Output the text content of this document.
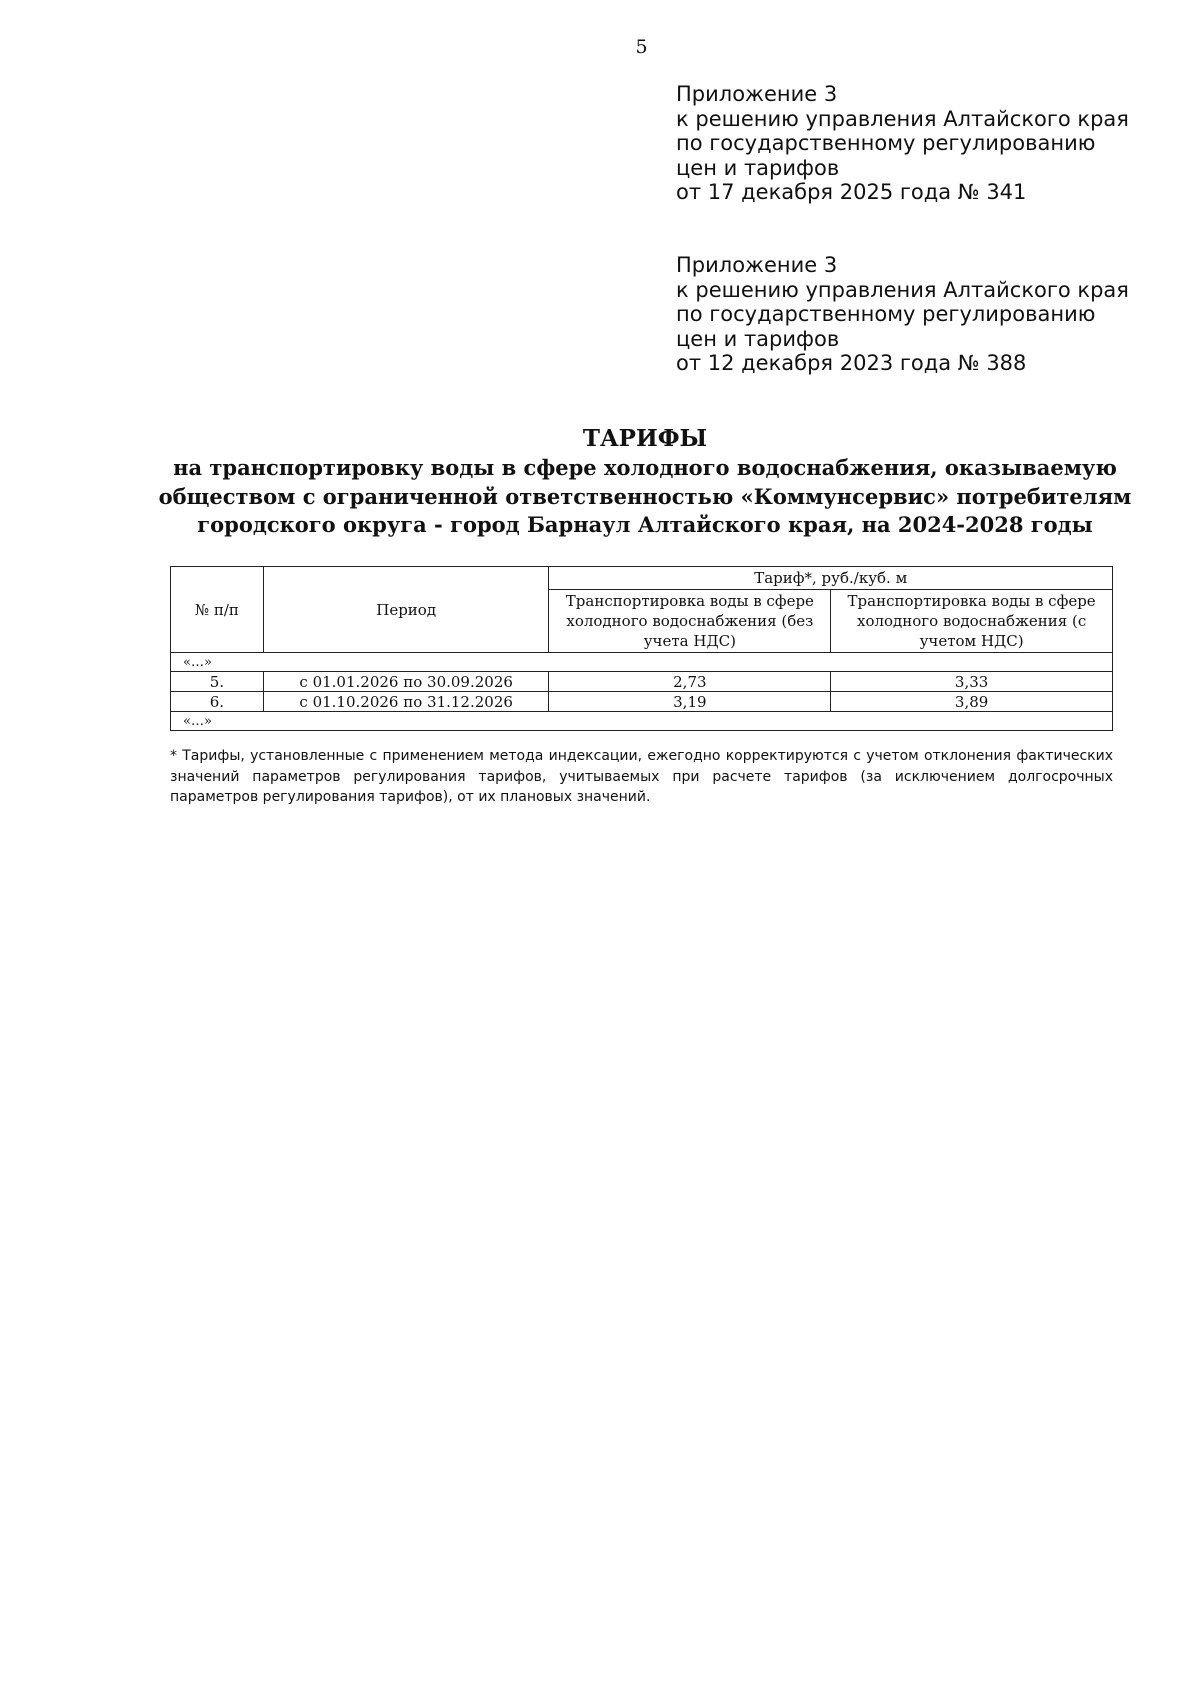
5
Приложение 3
к решению управления Алтайского края
по государственному регулированию
цен и тарифов
от 17 декабря 2025 года № 341
Приложение 3
к решению управления Алтайского края
по государственному регулированию
цен и тарифов
от 12 декабря 2023 года № 388
ТАРИФЫ
на транспортировку воды в сфере холодного водоснабжения, оказываемую
обществом с ограниченной ответственностью «Коммунсервис» потребителям
городского округа - город Барнаул Алтайского края, на 2024-2028 годы
№ п/п	Период	Тариф*, руб./куб. м	
		Транспортировка воды в сфере холодного водоснабжения (без учета НДС)	Транспортировка воды в сфере холодного водоснабжения (с учетом НДС)
«…»			
5.	с 01.01.2026 по 30.09.2026	2,73	3,33
6.	с 01.10.2026 по 31.12.2026	3,19	3,89
«…»			
* Тарифы, установленные с применением метода индексации, ежегодно корректируются с учетом отклонения фактических значений параметров регулирования тарифов, учитываемых при расчете тарифов (за исключением долгосрочных параметров регулирования тарифов), от их плановых значений.
